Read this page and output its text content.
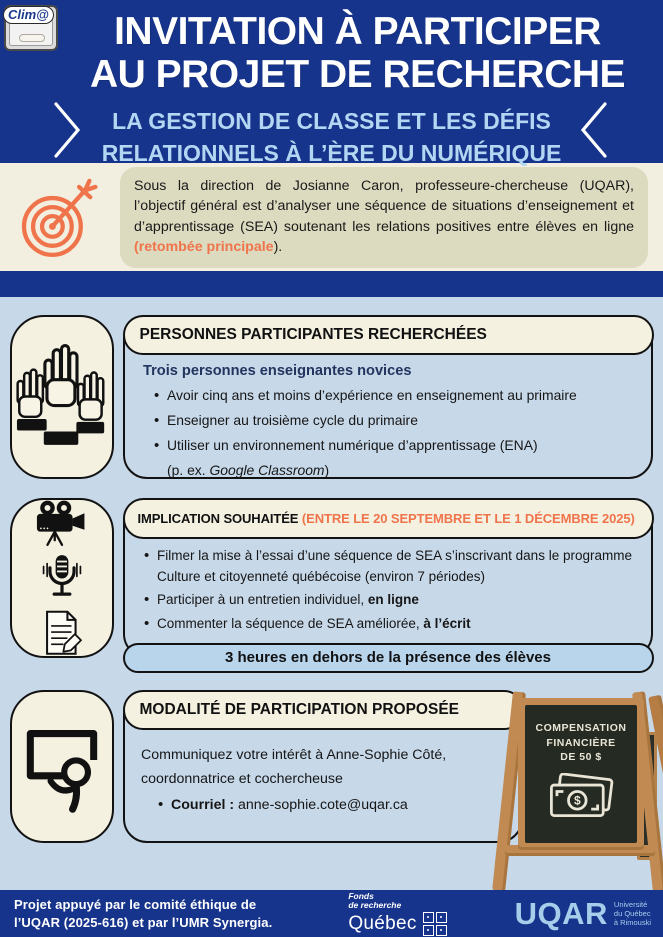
Clim@	INVITATION À PARTICIPER
AU PROJET DE RECHERCHE
LA GESTION DE CLASSE ET LES DÉFIS
RELATIONNELS À L’ÈRE DU NUMÉRIQUE
Sous la direction de Josianne Caron, professeure-chercheuse (UQAR), l’objectif général est d’analyser une séquence de situations d’enseignement et d’apprentissage (SEA) soutenant les relations positives entre élèves en ligne (retombée principale).
PERSONNES PARTICIPANTES RECHERCHÉES
Trois personnes enseignantes novices
• Avoir cinq ans et moins d’expérience en enseignement au primaire
• Enseigner au troisième cycle du primaire
• Utiliser un environnement numérique d’apprentissage (ENA)
(p. ex. Google Classroom)
IMPLICATION SOUHAITÉE (ENTRE LE 20 SEPTEMBRE ET LE 1 DÉCEMBRE 2025)
• Filmer la mise à l’essai d’une séquence de SEA s’inscrivant dans le programme Culture et citoyenneté québécoise (environ 7 périodes)
• Participer à un entretien individuel, en ligne
• Commenter la séquence de SEA améliorée, à l’écrit
3 heures en dehors de la présence des élèves
MODALITÉ DE PARTICIPATION PROPOSÉE
Communiquez votre intérêt à Anne-Sophie Côté,
coordonnatrice et cochercheuse
• Courriel : anne-sophie.cote@uqar.ca
COMPENSATION
FINANCIÈRE
DE 50 $
$
Projet appuyé par le comité éthique de
l’UQAR (2025-616) et par l’UMR Synergia.
Fonds
de recherche
Québec	UQAR Université
du Québec
à Rimouski
